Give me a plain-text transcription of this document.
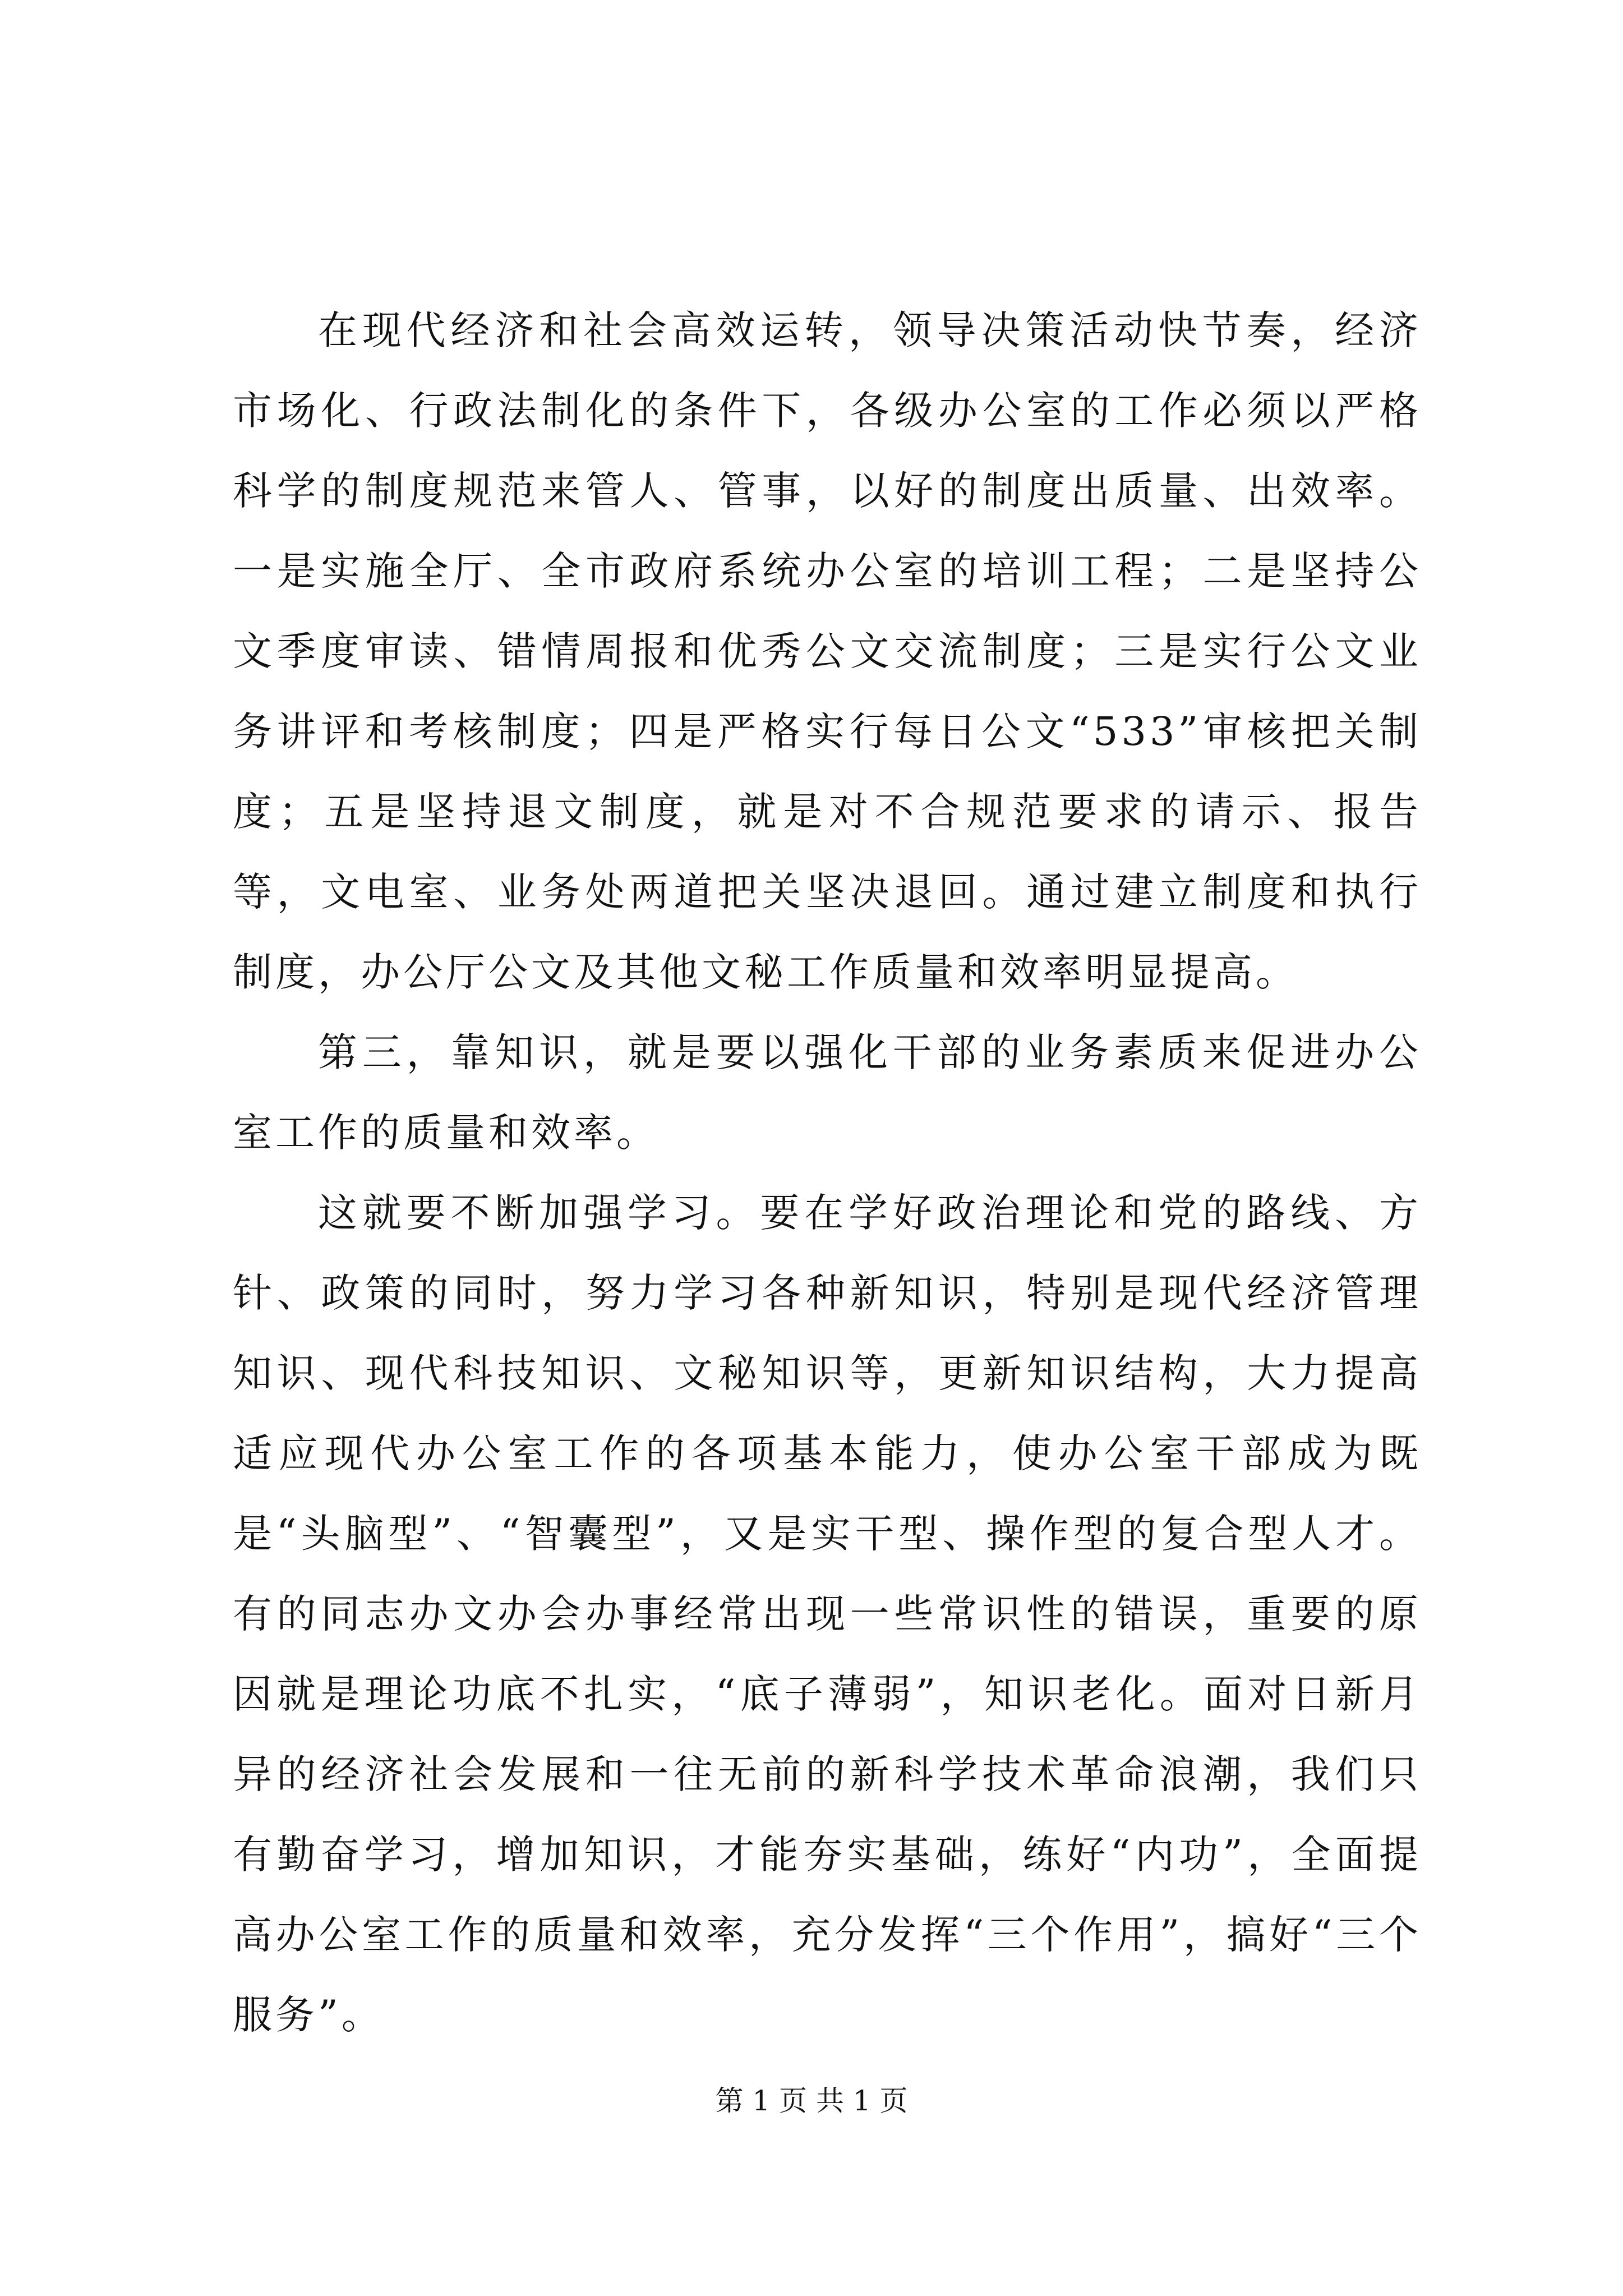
在现代经济和社会高效运转，领导决策活动快节奏，经济市场化、行政法制化的条件下，各级办公室的工作必须以严格科学的制度规范来管人、管事，以好的制度出质量、出效率。一是实施全厅、全市政府系统办公室的培训工程；二是坚持公文季度审读、错情周报和优秀公文交流制度；三是实行公文业务讲评和考核制度；四是严格实行每日公文“533”审核把关制度；五是坚持退文制度，就是对不合规范要求的请示、报告等，文电室、业务处两道把关坚决退回。通过建立制度和执行制度，办公厅公文及其他文秘工作质量和效率明显提高。

第三，靠知识，就是要以强化干部的业务素质来促进办公室工作的质量和效率。

这就要不断加强学习。要在学好政治理论和党的路线、方针、政策的同时，努力学习各种新知识，特别是现代经济管理知识、现代科技知识、文秘知识等，更新知识结构，大力提高适应现代办公室工作的各项基本能力，使办公室干部成为既是“头脑型”、“智囊型”，又是实干型、操作型的复合型人才。有的同志办文办会办事经常出现一些常识性的错误，重要的原因就是理论功底不扎实，“底子薄弱”，知识老化。面对日新月异的经济社会发展和一往无前的新科学技术革命浪潮，我们只有勤奋学习，增加知识，才能夯实基础，练好“内功”，全面提高办公室工作的质量和效率，充分发挥“三个作用”，搞好“三个服务”。

第 1 页 共 1 页
